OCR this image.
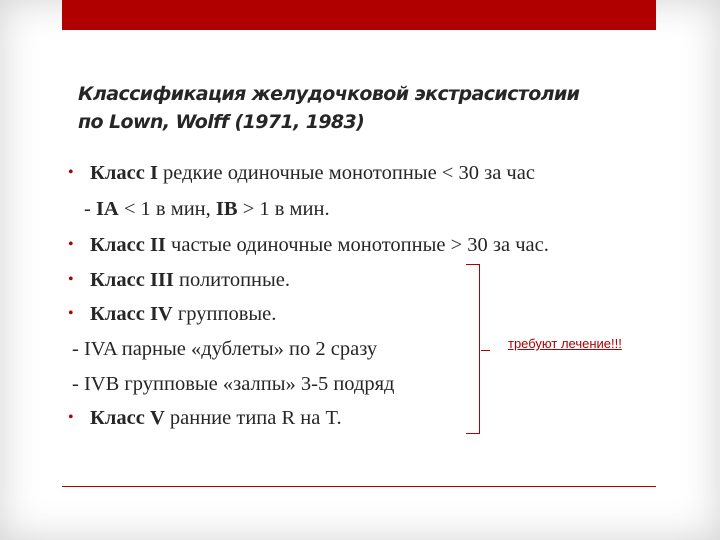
Классификация желудочковой экстрасистолии
по Lown, Wolff (1971, 1983)
• Класс I редкие одиночные монотопные < 30 за час
- IA < 1 в мин, IB > 1 в мин.
• Класс II частые одиночные монотопные > 30 за час.
• Класс III политопные.
• Класс IV групповые.
- IVA парные «дублеты» по 2 сразу
- IVB групповые «залпы» 3-5 подряд
• Класс V ранние типа R на T.
требуют лечение!!!
